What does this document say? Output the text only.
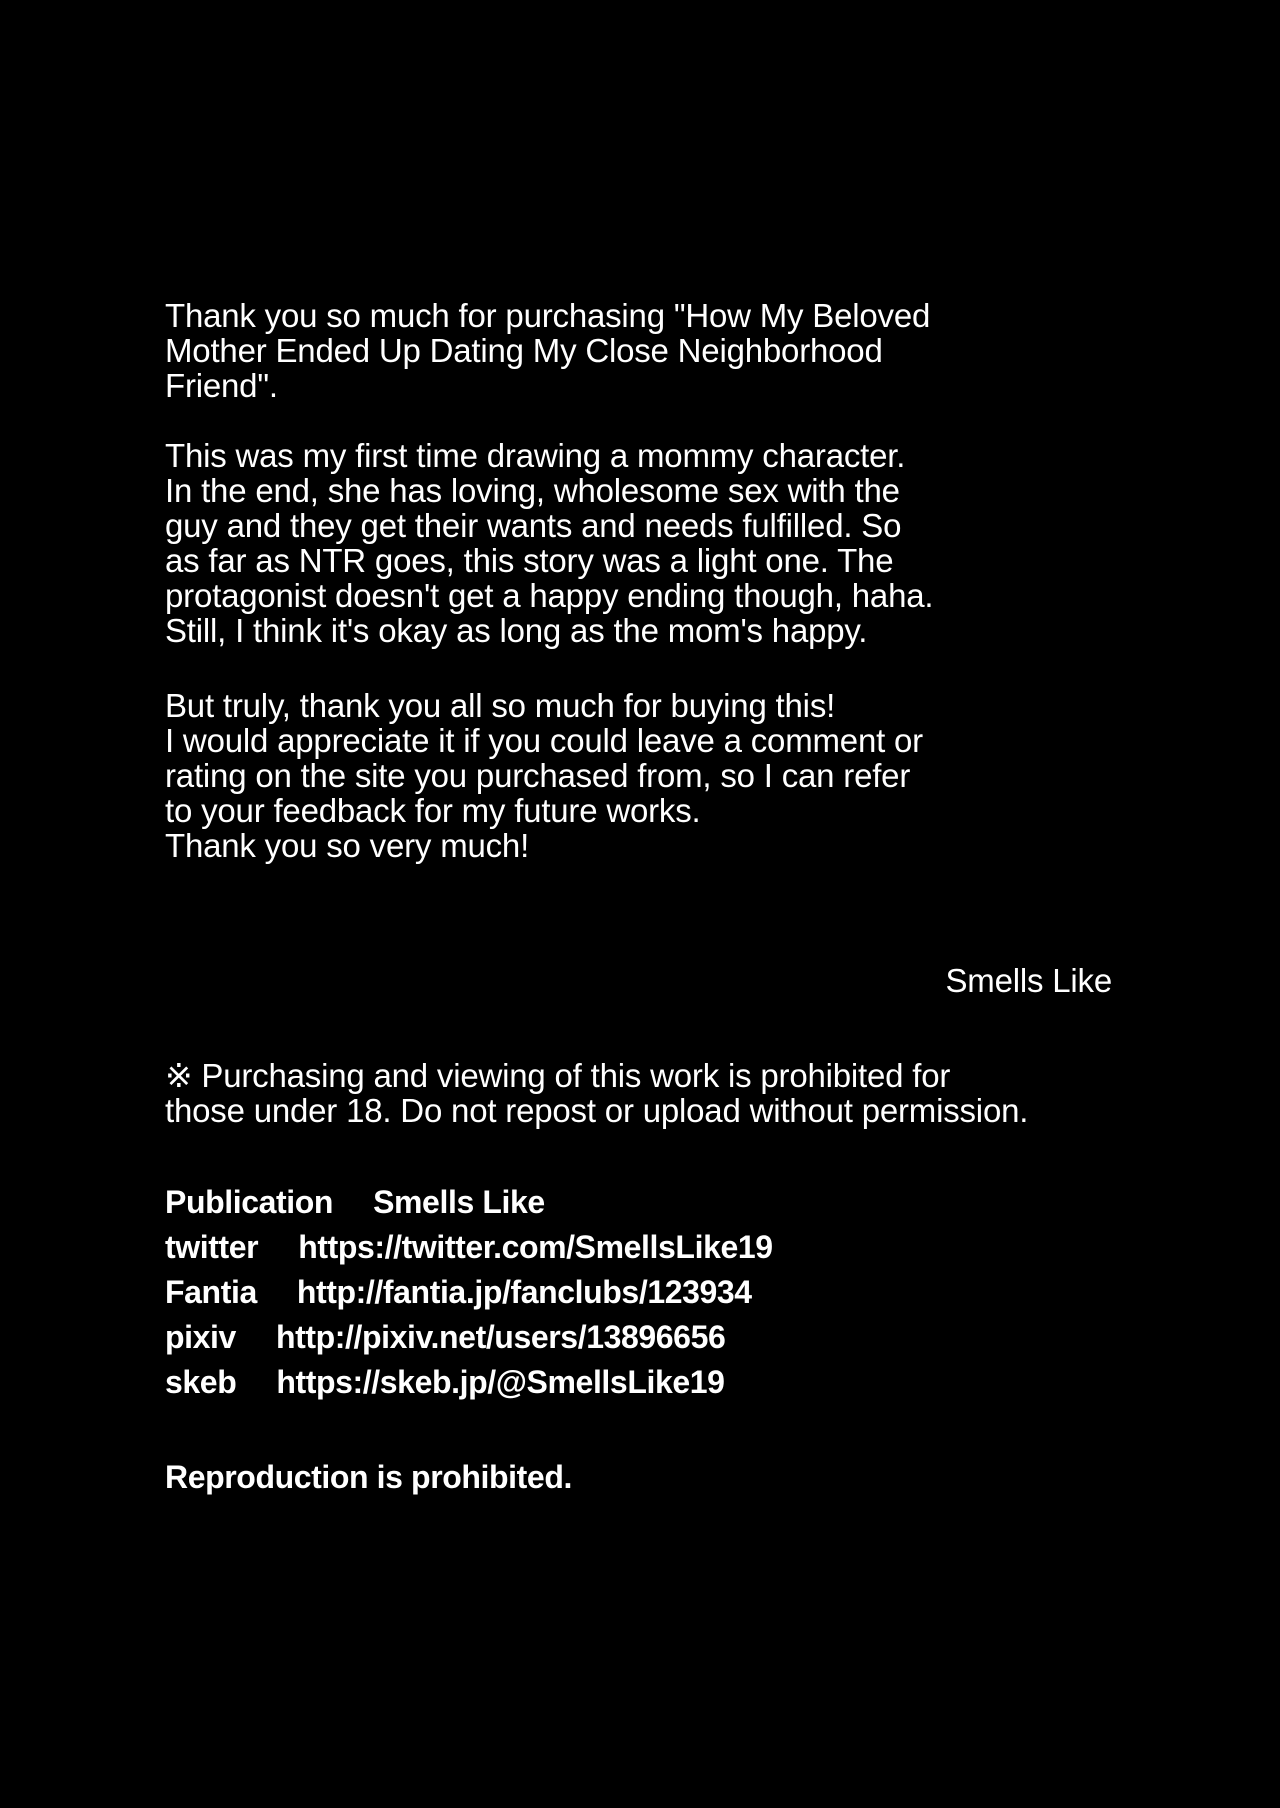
Thank you so much for purchasing "How My Beloved
Mother Ended Up Dating My Close Neighborhood
Friend".
This was my first time drawing a mommy character.
In the end, she has loving, wholesome sex with the
guy and they get their wants and needs fulfilled. So
as far as NTR goes, this story was a light one. The
protagonist doesn't get a happy ending though, haha.
Still, I think it's okay as long as the mom's happy.
But truly, thank you all so much for buying this!
I would appreciate it if you could leave a comment or
rating on the site you purchased from, so I can refer
to your feedback for my future works.
Thank you so very much!
Smells Like
※ Purchasing and viewing of this work is prohibited for
those under 18. Do not repost or upload without permission.
Publication Smells Like
twitter https://twitter.com/SmellsLike19
Fantia http://fantia.jp/fanclubs/123934
pixiv http://pixiv.net/users/13896656
skeb https://skeb.jp/@SmellsLike19
Reproduction is prohibited.
